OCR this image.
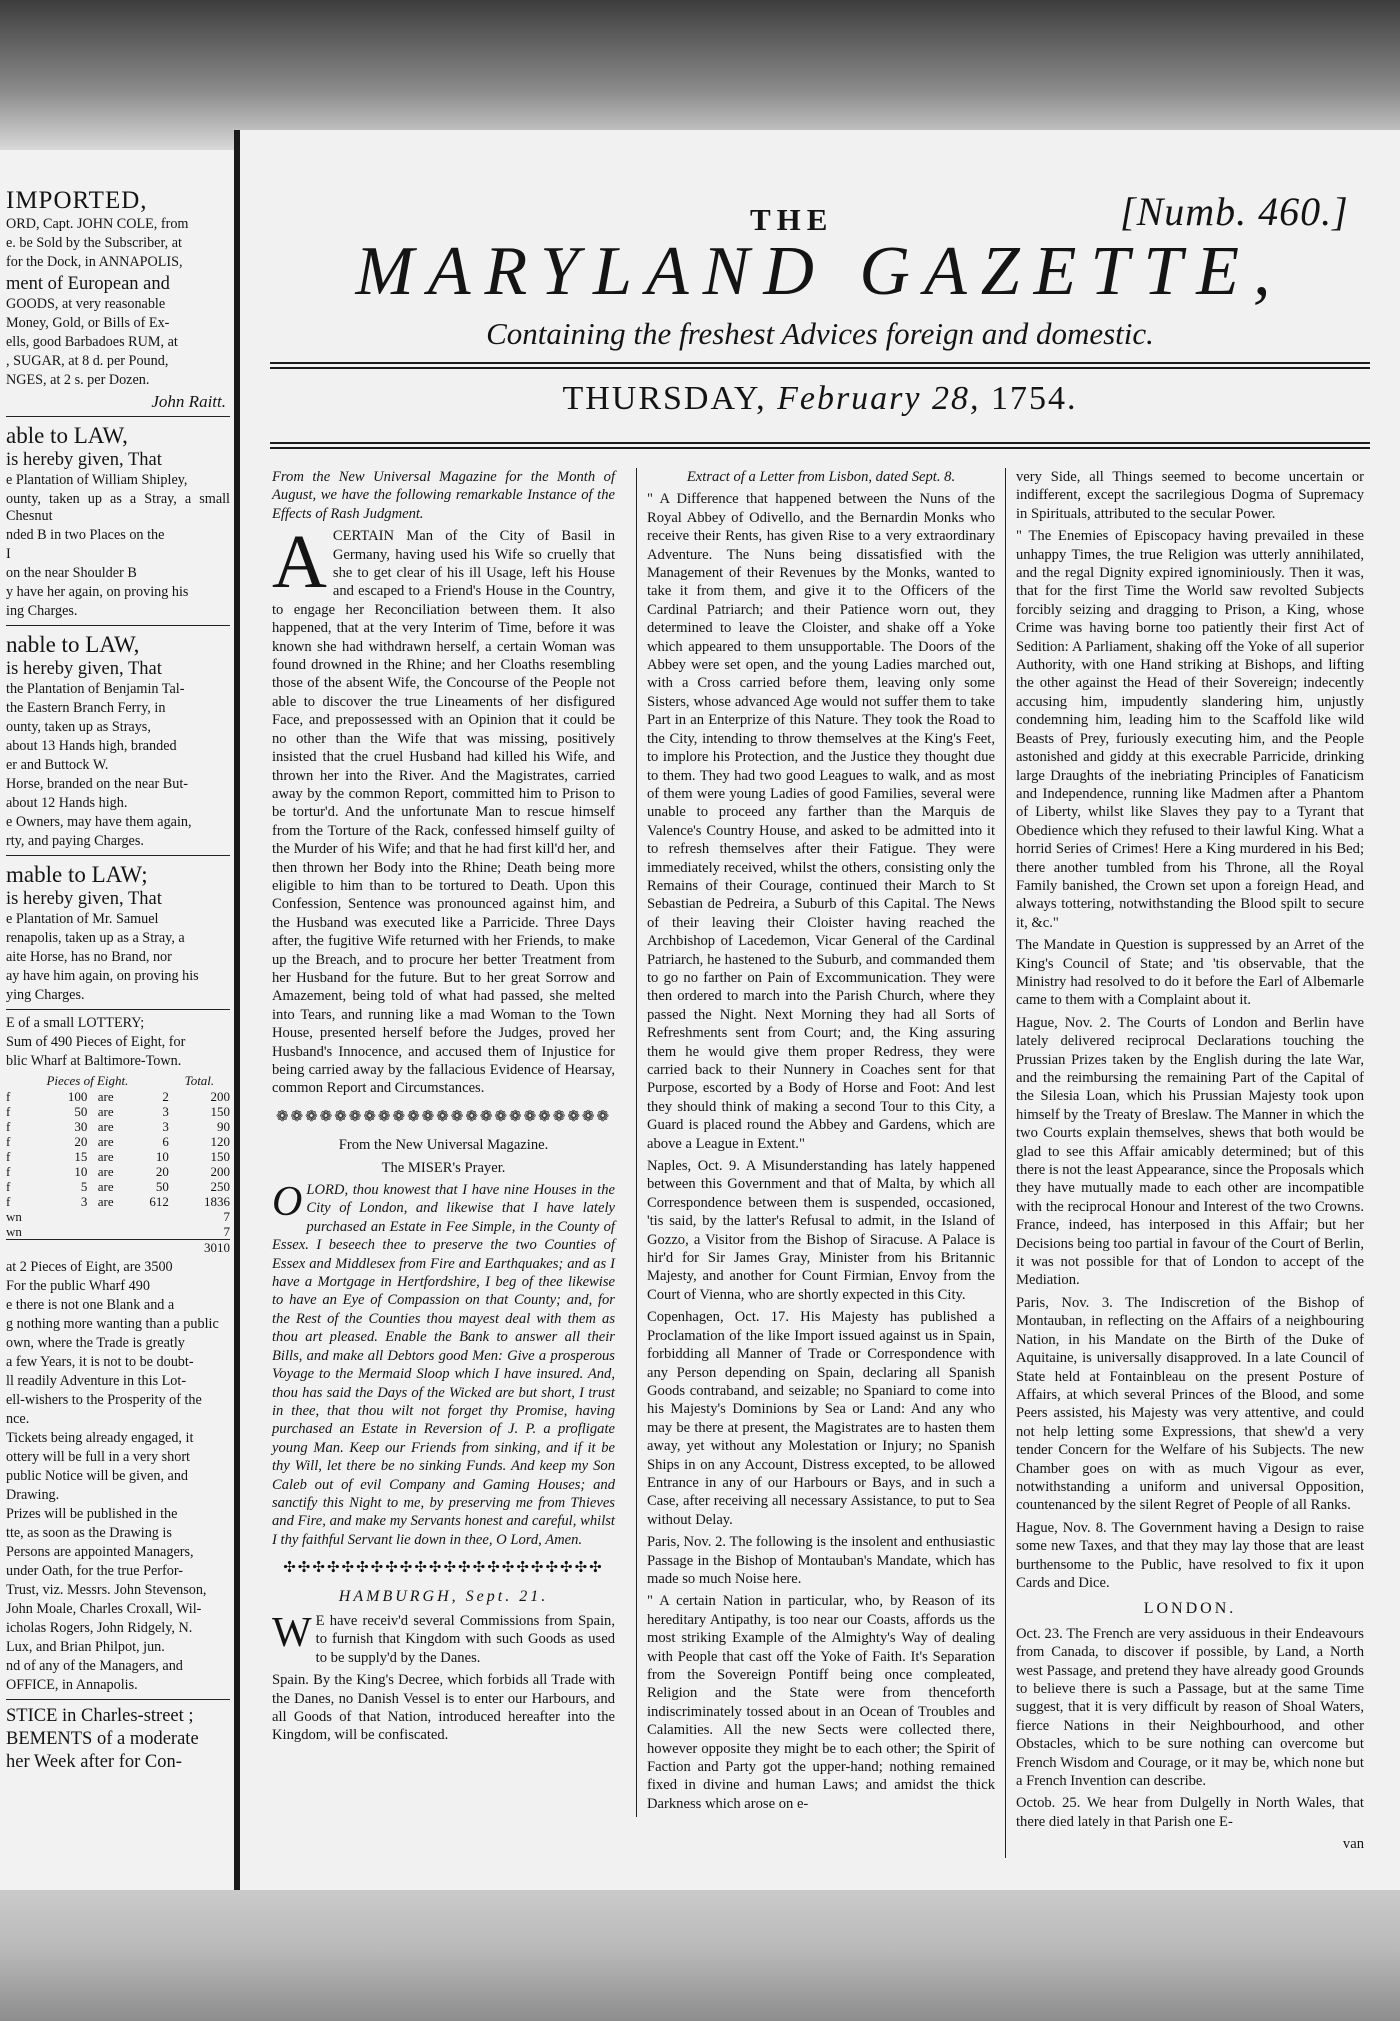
IMPORTED,

ORD, Capt. JOHN COLE, from

e. be Sold by the Subscriber, at

for the Dock, in ANNAPOLIS,

ment of European and

GOODS, at very reasonable

Money, Gold, or Bills of Ex-

ells, good Barbadoes RUM, at

, SUGAR, at 8 d. per Pound,

NGES, at 2 s. per Dozen.

John Raitt.

able to LAW,

is hereby given, That

e Plantation of William Shipley,

ounty, taken up as a Stray, a small Chesnut

nded B in two Places on the

I

on the near Shoulder B

y have her again, on proving his

ing Charges.

nable to LAW,

is hereby given, That

the Plantation of Benjamin Tal-

the Eastern Branch Ferry, in

ounty, taken up as Strays,

about 13 Hands high, branded

er and Buttock W.

Horse, branded on the near But-

about 12 Hands high.

e Owners, may have them again,

rty, and paying Charges.

mable to LAW;

is hereby given, That

e Plantation of Mr. Samuel

renapolis, taken up as a Stray, a

aite Horse, has no Brand, nor

ay have him again, on proving his

ying Charges.

E of a small LOTTERY;

Sum of 490 Pieces of Eight, for

blic Wharf at Baltimore-Town.

Pieces of Eight.				Total.
f	100	are	2	200
f	50	are	3	150
f	30	are	3	90
f	20	are	6	120
f	15	are	10	150
f	10	are	20	200
f	5	are	50	250
f	3	are	612	1836
wn				7
wn				7
3010				

at 2 Pieces of Eight, are 3500

For the public Wharf 490

e there is not one Blank and a

g nothing more wanting than a public

own, where the Trade is greatly

a few Years, it is not to be doubt-

ll readily Adventure in this Lot-

ell-wishers to the Prosperity of the

nce.

Tickets being already engaged, it

ottery will be full in a very short

public Notice will be given, and

Drawing.

Prizes will be published in the

tte, as soon as the Drawing is

Persons are appointed Managers,

under Oath, for the true Perfor-

Trust, viz. Messrs. John Stevenson,

John Moale, Charles Croxall, Wil-

icholas Rogers, John Ridgely, N.

Lux, and Brian Philpot, jun.

nd of any of the Managers, and

OFFICE, in Annapolis.

STICE in Charles-street ;

BEMENTS of a moderate

her Week after for Con-

THE	[Numb. 460.]
MARYLAND GAZETTE,
Containing the freshest Advices foreign and domestic.
THURSDAY, February 28, 1754.

From the New Universal Magazine for the Month of August, we have the following remarkable Instance of the Effects of Rash Judgment.

ACERTAIN Man of the City of Basil in Germany, having used his Wife so cruelly that she to get clear of his ill Usage, left his House and escaped to a Friend's House in the Country, to engage her Reconciliation between them. It also happened, that at the very Interim of Time, before it was known she had withdrawn herself, a certain Woman was found drowned in the Rhine; and her Cloaths resembling those of the absent Wife, the Concourse of the People not able to discover the true Lineaments of her disfigured Face, and prepossessed with an Opinion that it could be no other than the Wife that was missing, positively insisted that the cruel Husband had killed his Wife, and thrown her into the River. And the Magistrates, carried away by the common Report, committed him to Prison to be tortur'd. And the unfortunate Man to rescue himself from the Torture of the Rack, confessed himself guilty of the Murder of his Wife; and that he had first kill'd her, and then thrown her Body into the Rhine; Death being more eligible to him than to be tortured to Death. Upon this Confession, Sentence was pronounced against him, and the Husband was executed like a Parricide. Three Days after, the fugitive Wife returned with her Friends, to make up the Breach, and to procure her better Treatment from her Husband for the future. But to her great Sorrow and Amazement, being told of what had passed, she melted into Tears, and running like a mad Woman to the Town House, presented herself before the Judges, proved her Husband's Innocence, and accused them of Injustice for being carried away by the fallacious Evidence of Hearsay, common Report and Circumstances.

❁❁❁❁❁❁❁❁❁❁❁❁❁❁❁❁❁❁❁❁❁❁❁

From the New Universal Magazine.

The MISER's Prayer.

OLORD, thou knowest that I have nine Houses in the City of London, and likewise that I have lately purchased an Estate in Fee Simple, in the County of Essex. I beseech thee to preserve the two Counties of Essex and Middlesex from Fire and Earthquakes; and as I have a Mortgage in Hertfordshire, I beg of thee likewise to have an Eye of Compassion on that County; and, for the Rest of the Counties thou mayest deal with them as thou art pleased. Enable the Bank to answer all their Bills, and make all Debtors good Men: Give a prosperous Voyage to the Mermaid Sloop which I have insured. And, thou has said the Days of the Wicked are but short, I trust in thee, that thou wilt not forget thy Promise, having purchased an Estate in Reversion of J. P. a profligate young Man. Keep our Friends from sinking, and if it be thy Will, let there be no sinking Funds. And keep my Son Caleb out of evil Company and Gaming Houses; and sanctify this Night to me, by preserving me from Thieves and Fire, and make my Servants honest and careful, whilst I thy faithful Servant lie down in thee, O Lord, Amen.

✣✣✣✣✣✣✣✣✣✣✣✣✣✣✣✣✣✣✣✣✣✣
HAMBURGH, Sept. 21.

W E have receiv'd several Commissions from Spain, to furnish that Kingdom with such Goods as used to be supply'd by the Danes.

Spain. By the King's Decree, which forbids all Trade with the Danes, no Danish Vessel is to enter our Harbours, and all Goods of that Nation, introduced hereafter into the Kingdom, will be confiscated.

Extract of a Letter from Lisbon, dated Sept. 8.

" A Difference that happened between the Nuns of the Royal Abbey of Odivello, and the Bernardin Monks who receive their Rents, has given Rise to a very extraordinary Adventure. The Nuns being dissatisfied with the Management of their Revenues by the Monks, wanted to take it from them, and give it to the Officers of the Cardinal Patriarch; and their Patience worn out, they determined to leave the Cloister, and shake off a Yoke which appeared to them unsupportable. The Doors of the Abbey were set open, and the young Ladies marched out, with a Cross carried before them, leaving only some Sisters, whose advanced Age would not suffer them to take Part in an Enterprize of this Nature. They took the Road to the City, intending to throw themselves at the King's Feet, to implore his Protection, and the Justice they thought due to them. They had two good Leagues to walk, and as most of them were young Ladies of good Families, several were unable to proceed any farther than the Marquis de Valence's Country House, and asked to be admitted into it to refresh themselves after their Fatigue. They were immediately received, whilst the others, consisting only the Remains of their Courage, continued their March to St Sebastian de Pedreira, a Suburb of this Capital. The News of their leaving their Cloister having reached the Archbishop of Lacedemon, Vicar General of the Cardinal Patriarch, he hastened to the Suburb, and commanded them to go no farther on Pain of Excommunication. They were then ordered to march into the Parish Church, where they passed the Night. Next Morning they had all Sorts of Refreshments sent from Court; and, the King assuring them he would give them proper Redress, they were carried back to their Nunnery in Coaches sent for that Purpose, escorted by a Body of Horse and Foot: And lest they should think of making a second Tour to this City, a Guard is placed round the Abbey and Gardens, which are above a League in Extent."

Naples, Oct. 9. A Misunderstanding has lately happened between this Government and that of Malta, by which all Correspondence between them is suspended, occasioned, 'tis said, by the latter's Refusal to admit, in the Island of Gozzo, a Visitor from the Bishop of Siracuse. A Palace is hir'd for Sir James Gray, Minister from his Britannic Majesty, and another for Count Firmian, Envoy from the Court of Vienna, who are shortly expected in this City.

Copenhagen, Oct. 17. His Majesty has published a Proclamation of the like Import issued against us in Spain, forbidding all Manner of Trade or Correspondence with any Person depending on Spain, declaring all Spanish Goods contraband, and seizable; no Spaniard to come into his Majesty's Dominions by Sea or Land: And any who may be there at present, the Magistrates are to hasten them away, yet without any Molestation or Injury; no Spanish Ships in on any Account, Distress excepted, to be allowed Entrance in any of our Harbours or Bays, and in such a Case, after receiving all necessary Assistance, to put to Sea without Delay.

Paris, Nov. 2. The following is the insolent and enthusiastic Passage in the Bishop of Montauban's Mandate, which has made so much Noise here.

" A certain Nation in particular, who, by Reason of its hereditary Antipathy, is too near our Coasts, affords us the most striking Example of the Almighty's Way of dealing with People that cast off the Yoke of Faith. It's Separation from the Sovereign Pontiff being once compleated, Religion and the State were from thenceforth indiscriminately tossed about in an Ocean of Troubles and Calamities. All the new Sects were collected there, however opposite they might be to each other; the Spirit of Faction and Party got the upper-hand; nothing remained fixed in divine and human Laws; and amidst the thick Darkness which arose on e-

very Side, all Things seemed to become uncertain or indifferent, except the sacrilegious Dogma of Supremacy in Spirituals, attributed to the secular Power.

" The Enemies of Episcopacy having prevailed in these unhappy Times, the true Religion was utterly annihilated, and the regal Dignity expired ignominiously. Then it was, that for the first Time the World saw revolted Subjects forcibly seizing and dragging to Prison, a King, whose Crime was having borne too patiently their first Act of Sedition: A Parliament, shaking off the Yoke of all superior Authority, with one Hand striking at Bishops, and lifting the other against the Head of their Sovereign; indecently accusing him, impudently slandering him, unjustly condemning him, leading him to the Scaffold like wild Beasts of Prey, furiously executing him, and the People astonished and giddy at this execrable Parricide, drinking large Draughts of the inebriating Principles of Fanaticism and Independence, running like Madmen after a Phantom of Liberty, whilst like Slaves they pay to a Tyrant that Obedience which they refused to their lawful King. What a horrid Series of Crimes! Here a King murdered in his Bed; there another tumbled from his Throne, all the Royal Family banished, the Crown set upon a foreign Head, and always tottering, notwithstanding the Blood spilt to secure it, &c."

The Mandate in Question is suppressed by an Arret of the King's Council of State; and 'tis observable, that the Ministry had resolved to do it before the Earl of Albemarle came to them with a Complaint about it.

Hague, Nov. 2. The Courts of London and Berlin have lately delivered reciprocal Declarations touching the Prussian Prizes taken by the English during the late War, and the reimbursing the remaining Part of the Capital of the Silesia Loan, which his Prussian Majesty took upon himself by the Treaty of Breslaw. The Manner in which the two Courts explain themselves, shews that both would be glad to see this Affair amicably determined; but of this there is not the least Appearance, since the Proposals which they have mutually made to each other are incompatible with the reciprocal Honour and Interest of the two Crowns. France, indeed, has interposed in this Affair; but her Decisions being too partial in favour of the Court of Berlin, it was not possible for that of London to accept of the Mediation.

Paris, Nov. 3. The Indiscretion of the Bishop of Montauban, in reflecting on the Affairs of a neighbouring Nation, in his Mandate on the Birth of the Duke of Aquitaine, is universally disapproved. In a late Council of State held at Fontainbleau on the present Posture of Affairs, at which several Princes of the Blood, and some Peers assisted, his Majesty was very attentive, and could not help letting some Expressions, that shew'd a very tender Concern for the Welfare of his Subjects. The new Chamber goes on with as much Vigour as ever, notwithstanding a uniform and universal Opposition, countenanced by the silent Regret of People of all Ranks.

Hague, Nov. 8. The Government having a Design to raise some new Taxes, and that they may lay those that are least burthensome to the Public, have resolved to fix it upon Cards and Dice.

LONDON.

Oct. 23. The French are very assiduous in their Endeavours from Canada, to discover if possible, by Land, a North west Passage, and pretend they have already good Grounds to believe there is such a Passage, but at the same Time suggest, that it is very difficult by reason of Shoal Waters, fierce Nations in their Neighbourhood, and other Obstacles, which to be sure nothing can overcome but French Wisdom and Courage, or it may be, which none but a French Invention can describe.

Octob. 25. We hear from Dulgelly in North Wales, that there died lately in that Parish one E-

van
